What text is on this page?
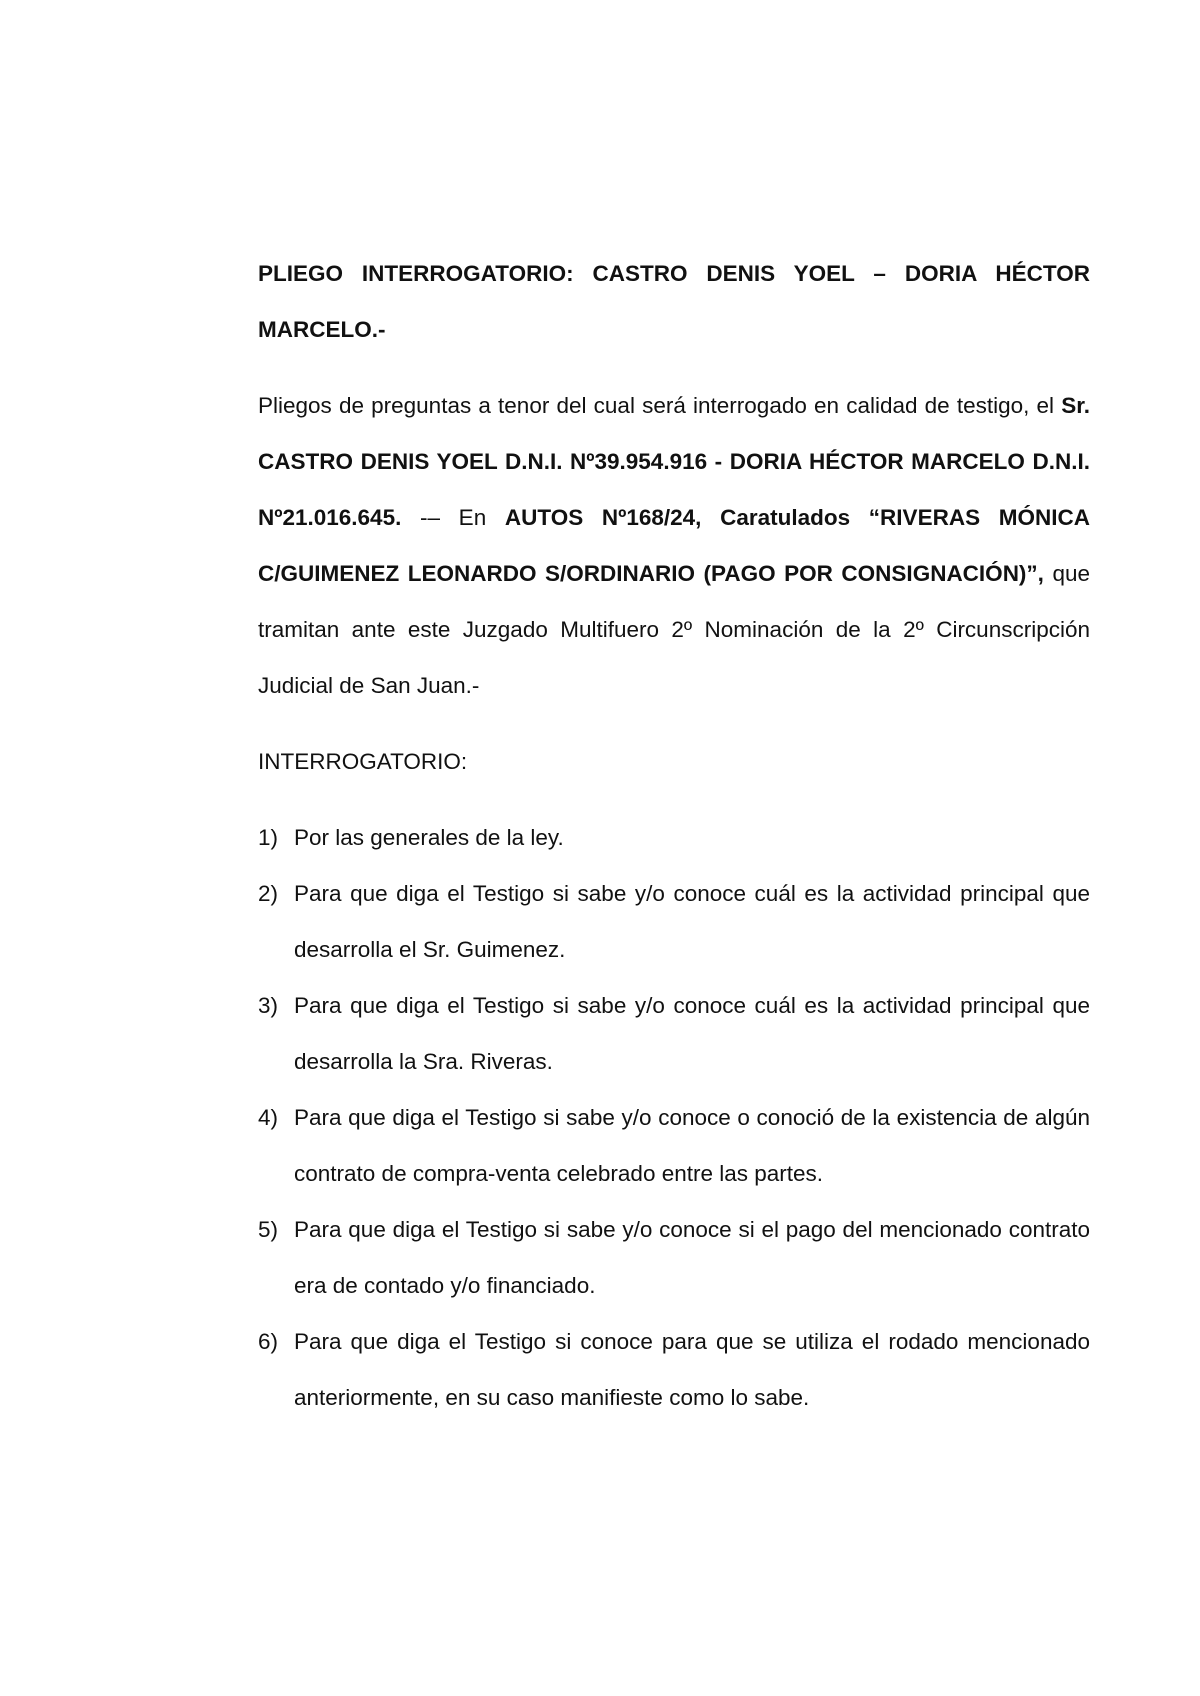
PLIEGO INTERROGATORIO: CASTRO DENIS YOEL – DORIA HÉCTOR MARCELO.-

Pliegos de preguntas a tenor del cual será interrogado en calidad de testigo, el Sr. CASTRO DENIS YOEL D.N.I. Nº39.954.916 - DORIA HÉCTOR MARCELO D.N.I. Nº21.016.645. -– En AUTOS Nº168/24, Caratulados “RIVERAS MÓNICA C/GUIMENEZ LEONARDO S/ORDINARIO (PAGO POR CONSIGNACIÓN)”, que tramitan ante este Juzgado Multifuero 2º Nominación de la 2º Circunscripción Judicial de San Juan.-

INTERROGATORIO:

1) Por las generales de la ley.
2) Para que diga el Testigo si sabe y/o conoce cuál es la actividad principal que desarrolla el Sr. Guimenez.
3) Para que diga el Testigo si sabe y/o conoce cuál es la actividad principal que desarrolla la Sra. Riveras.
4) Para que diga el Testigo si sabe y/o conoce o conoció de la existencia de algún contrato de compra-venta celebrado entre las partes.
5) Para que diga el Testigo si sabe y/o conoce si el pago del mencionado contrato era de contado y/o financiado.
6) Para que diga el Testigo si conoce para que se utiliza el rodado mencionado anteriormente, en su caso manifieste como lo sabe.
